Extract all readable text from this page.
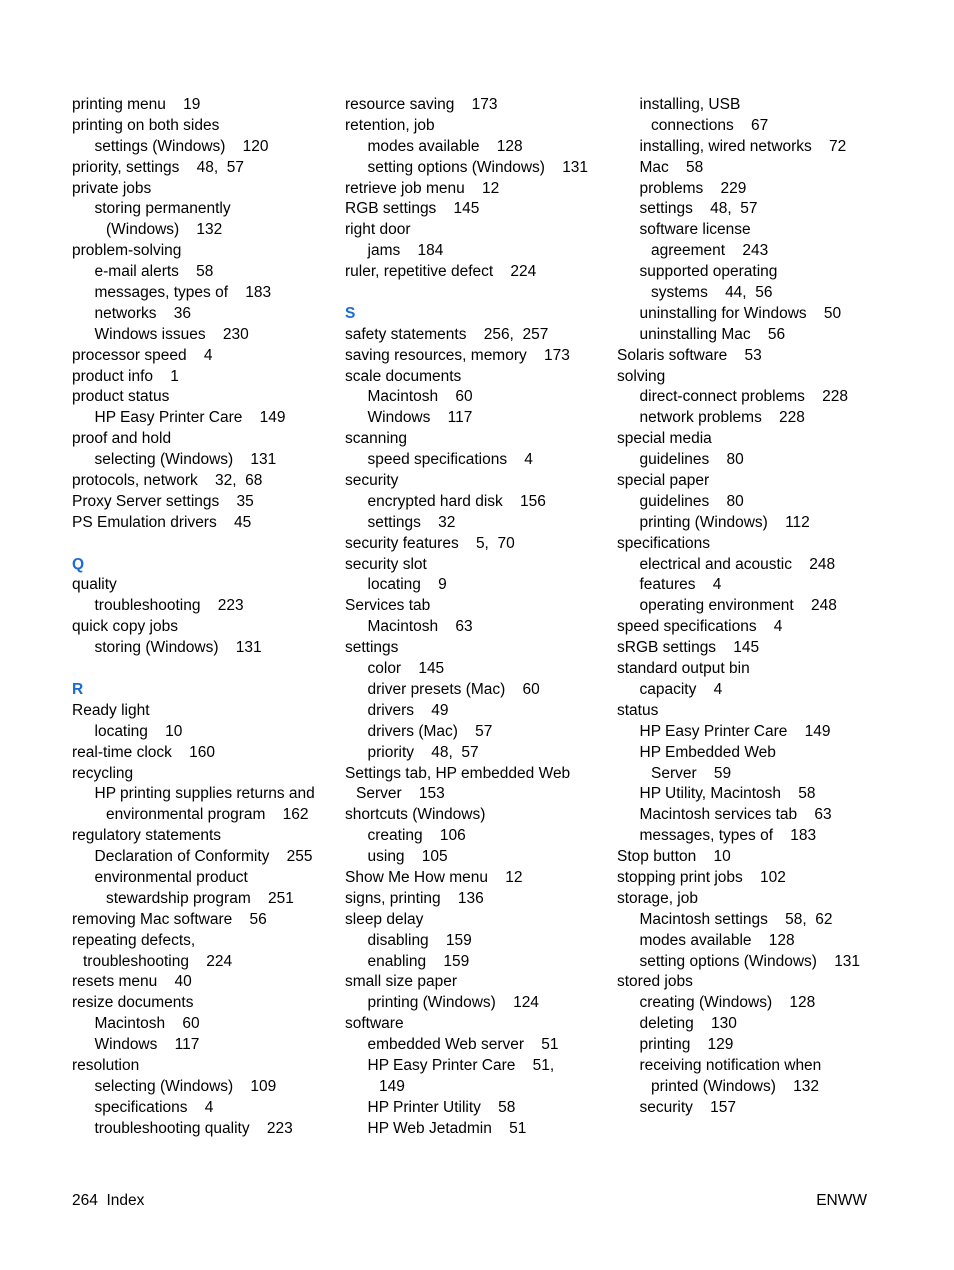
printing menu    19
printing on both sides
settings (Windows)    120
priority, settings    48,  57
private jobs
storing permanently
(Windows)    132
problem-solving
e-mail alerts    58
messages, types of    183
networks    36
Windows issues    230
processor speed    4
product info    1
product status
HP Easy Printer Care    149
proof and hold
selecting (Windows)    131
protocols, network    32,  68
Proxy Server settings    35
PS Emulation drivers    45
Q
quality
troubleshooting    223
quick copy jobs
storing (Windows)    131
R
Ready light
locating    10
real-time clock    160
recycling
HP printing supplies returns and
environmental program    162
regulatory statements
Declaration of Conformity    255
environmental product
stewardship program    251
removing Mac software    56
repeating defects,
troubleshooting    224
resets menu    40
resize documents
Macintosh    60
Windows    117
resolution
selecting (Windows)    109
specifications    4
troubleshooting quality    223
resource saving    173
retention, job
modes available    128
setting options (Windows)    131
retrieve job menu    12
RGB settings    145
right door
jams    184
ruler, repetitive defect    224
S
safety statements    256,  257
saving resources, memory    173
scale documents
Macintosh    60
Windows    117
scanning
speed specifications    4
security
encrypted hard disk    156
settings    32
security features    5,  70
security slot
locating    9
Services tab
Macintosh    63
settings
color    145
driver presets (Mac)    60
drivers    49
drivers (Mac)    57
priority    48,  57
Settings tab, HP embedded Web
Server    153
shortcuts (Windows)
creating    106
using    105
Show Me How menu    12
signs, printing    136
sleep delay
disabling    159
enabling    159
small size paper
printing (Windows)    124
software
embedded Web server    51
HP Easy Printer Care    51,
149
HP Printer Utility    58
HP Web Jetadmin    51
installing, USB
connections    67
installing, wired networks    72
Mac    58
problems    229
settings    48,  57
software license
agreement    243
supported operating
systems    44,  56
uninstalling for Windows    50
uninstalling Mac    56
Solaris software    53
solving
direct-connect problems    228
network problems    228
special media
guidelines    80
special paper
guidelines    80
printing (Windows)    112
specifications
electrical and acoustic    248
features    4
operating environment    248
speed specifications    4
sRGB settings    145
standard output bin
capacity    4
status
HP Easy Printer Care    149
HP Embedded Web
Server    59
HP Utility, Macintosh    58
Macintosh services tab    63
messages, types of    183
Stop button    10
stopping print jobs    102
storage, job
Macintosh settings    58,  62
modes available    128
setting options (Windows)    131
stored jobs
creating (Windows)    128
deleting    130
printing    129
receiving notification when
printed (Windows)    132
security    157
264 Index	ENWW
